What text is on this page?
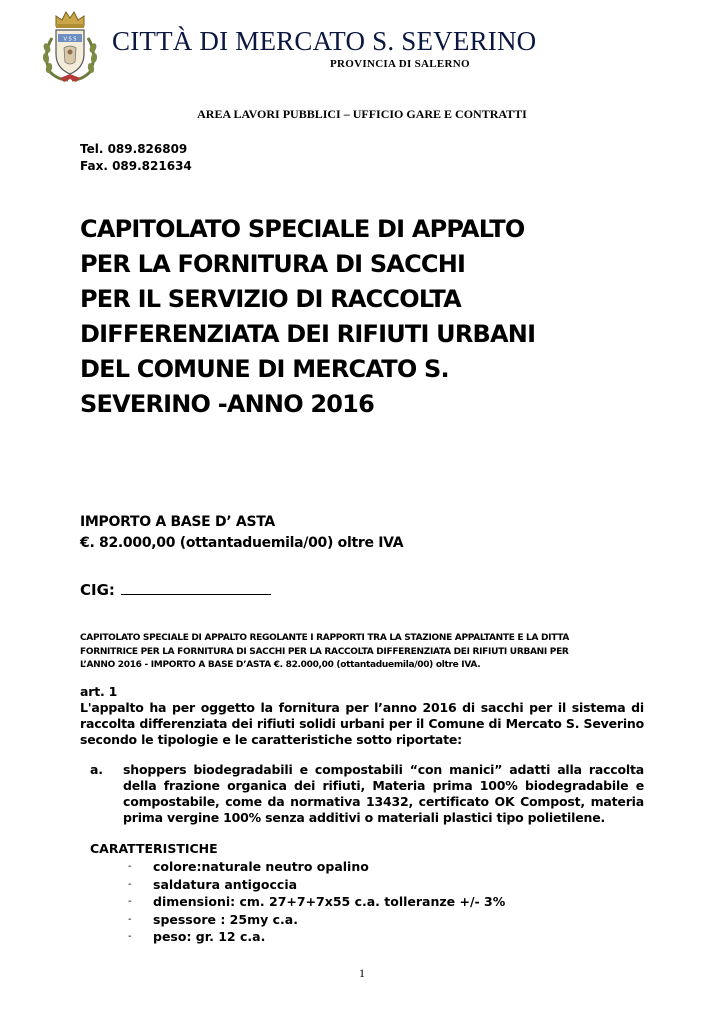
V S S CITTÀ DI MERCATO S. SEVERINO
PROVINCIA DI SALERNO
AREA LAVORI PUBBLICI – UFFICIO GARE E CONTRATTI
Tel. 089.826809
Fax. 089.821634
CAPITOLATO SPECIALE DI APPALTO
PER LA FORNITURA DI SACCHI
PER IL SERVIZIO DI RACCOLTA
DIFFERENZIATA DEI RIFIUTI URBANI
DEL COMUNE DI MERCATO S.
SEVERINO -ANNO 2016
IMPORTO A BASE D’ ASTA
€. 82.000,00 (ottantaduemila/00) oltre IVA
CIG:
CAPITOLATO SPECIALE DI APPALTO REGOLANTE I RAPPORTI TRA LA STAZIONE APPALTANTE E LA DITTA
FORNITRICE PER LA FORNITURA DI SACCHI PER LA RACCOLTA DIFFERENZIATA DEI RIFIUTI URBANI PER
L’ANNO 2016 - IMPORTO A BASE D’ASTA €. 82.000,00 (ottantaduemila/00) oltre IVA.
art. 1
L'appalto ha per oggetto la fornitura per l’anno 2016 di sacchi per il sistema di raccolta differenziata dei rifiuti solidi urbani per il Comune di Mercato S. Severino secondo le tipologie e le caratteristiche sotto riportate:
a. shoppers biodegradabili e compostabili “con manici” adatti alla raccolta della frazione organica dei rifiuti, Materia prima 100% biodegradabile e compostabile, come da normativa 13432, certificato OK Compost, materia prima vergine 100% senza additivi o materiali plastici tipo polietilene.
CARATTERISTICHE
- colore:naturale neutro opalino
- saldatura antigoccia
- dimensioni: cm. 27+7+7x55 c.a. tolleranze +/- 3%
- spessore : 25my c.a.
- peso: gr. 12 c.a.
1
